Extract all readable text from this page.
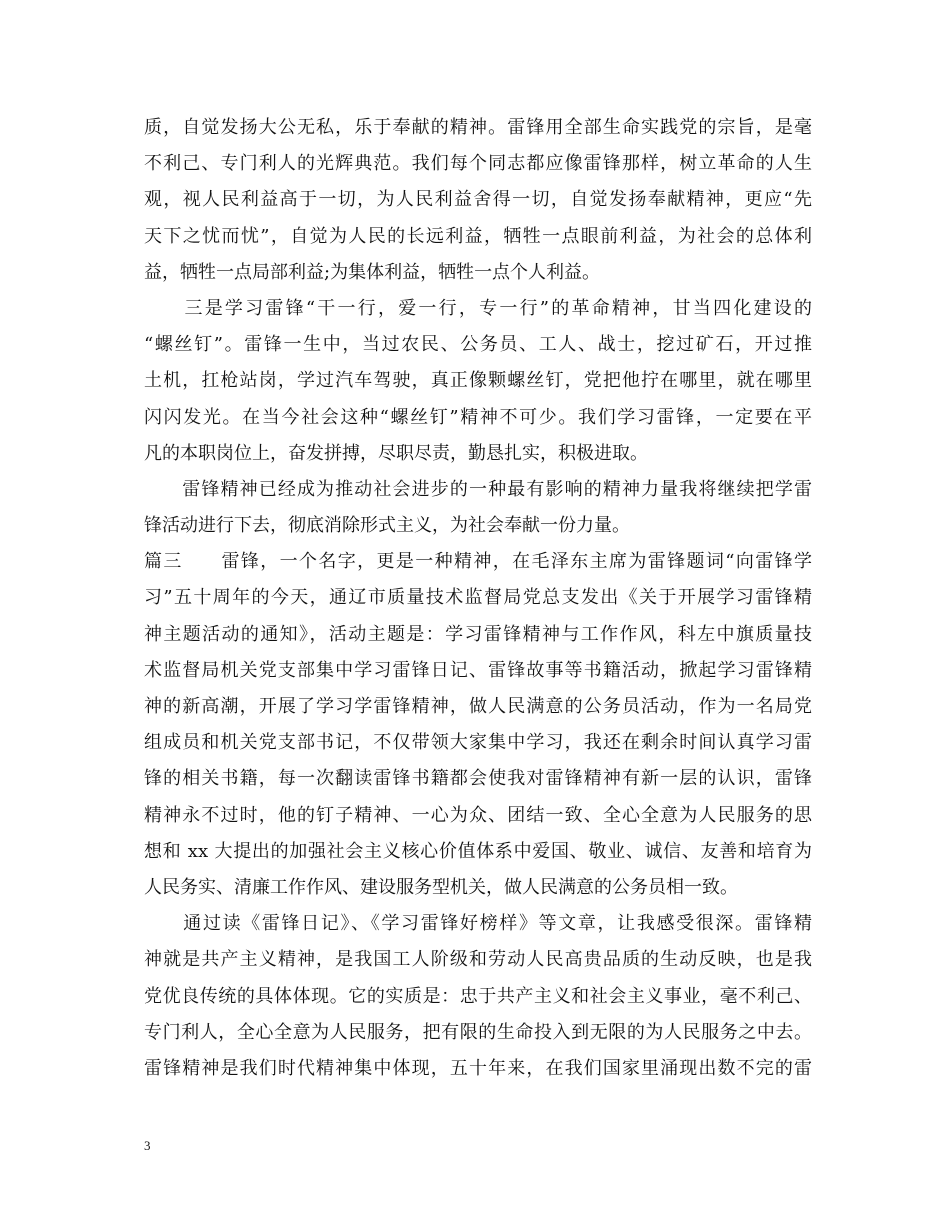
质，自觉发扬大公无私，乐于奉献的精神。雷锋用全部生命实践党的宗旨，是毫
不利己、专门利人的光辉典范。我们每个同志都应像雷锋那样，树立革命的人生
观，视人民利益高于一切，为人民利益舍得一切，自觉发扬奉献精神，更应“先
天下之忧而忧”，自觉为人民的长远利益，牺牲一点眼前利益，为社会的总体利
益，牺牲一点局部利益;为集体利益，牺牲一点个人利益。
　　三是学习雷锋“干一行，爱一行，专一行”的革命精神，甘当四化建设的
“螺丝钉”。雷锋一生中，当过农民、公务员、工人、战士，挖过矿石，开过推
土机，扛枪站岗，学过汽车驾驶，真正像颗螺丝钉，党把他拧在哪里，就在哪里
闪闪发光。在当今社会这种“螺丝钉”精神不可少。我们学习雷锋，一定要在平
凡的本职岗位上，奋发拼搏，尽职尽责，勤恳扎实，积极进取。
　　雷锋精神已经成为推动社会进步的一种最有影响的精神力量我将继续把学雷
锋活动进行下去，彻底消除形式主义，为社会奉献一份力量。
篇三　　雷锋，一个名字，更是一种精神，在毛泽东主席为雷锋题词“向雷锋学
习”五十周年的今天，通辽市质量技术监督局党总支发出《关于开展学习雷锋精
神主题活动的通知》，活动主题是：学习雷锋精神与工作作风，科左中旗质量技
术监督局机关党支部集中学习雷锋日记、雷锋故事等书籍活动，掀起学习雷锋精
神的新高潮，开展了学习学雷锋精神，做人民满意的公务员活动，作为一名局党
组成员和机关党支部书记，不仅带领大家集中学习，我还在剩余时间认真学习雷
锋的相关书籍，每一次翻读雷锋书籍都会使我对雷锋精神有新一层的认识，雷锋
精神永不过时，他的钉子精神、一心为众、团结一致、全心全意为人民服务的思
想和 xx 大提出的加强社会主义核心价值体系中爱国、敬业、诚信、友善和培育为
人民务实、清廉工作作风、建设服务型机关，做人民满意的公务员相一致。
　　通过读《雷锋日记》、《学习雷锋好榜样》等文章，让我感受很深。雷锋精
神就是共产主义精神，是我国工人阶级和劳动人民高贵品质的生动反映，也是我
党优良传统的具体体现。它的实质是：忠于共产主义和社会主义事业，毫不利己、
专门利人，全心全意为人民服务，把有限的生命投入到无限的为人民服务之中去。
雷锋精神是我们时代精神集中体现，五十年来，在我们国家里涌现出数不完的雷
3
